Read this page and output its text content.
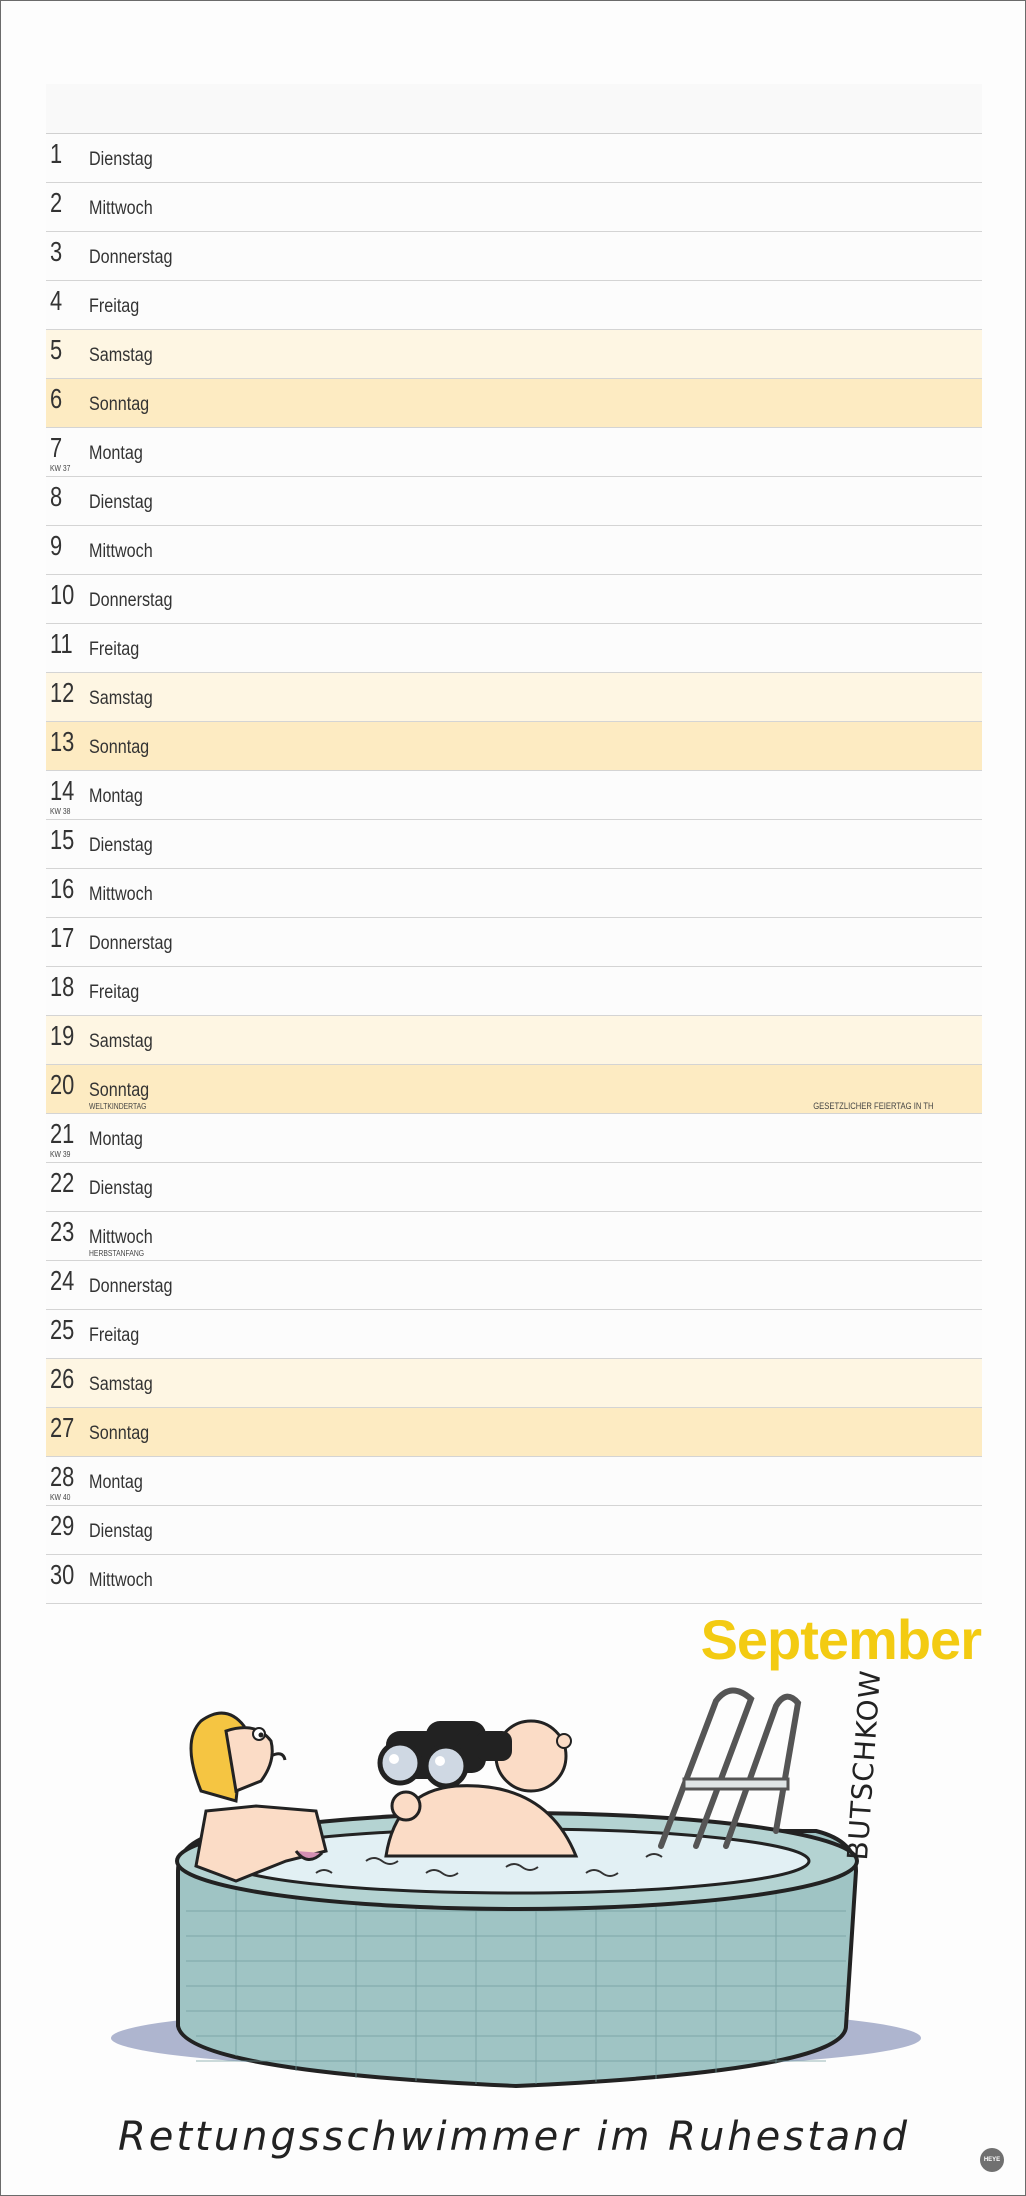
1 Dienstag
2 Mittwoch
3 Donnerstag
4 Freitag
5 Samstag
6 Sonntag
7 Montag
KW 37
8 Dienstag
9 Mittwoch
10 Donnerstag
11 Freitag
12 Samstag
13 Sonntag
14 Montag
KW 38
15 Dienstag
16 Mittwoch
17 Donnerstag
18 Freitag
19 Samstag
20 Sonntag
WELTKINDERTAG	GESETZLICHER FEIERTAG IN TH
21 Montag
KW 39
22 Dienstag
23 Mittwoch
HERBSTANFANG
24 Donnerstag
25 Freitag
26 Samstag
27 Sonntag
28 Montag
KW 40
29 Dienstag
30 Mittwoch
September
BUTSCHKOW
Rettungsschwimmer im Ruhestand	HEYE
